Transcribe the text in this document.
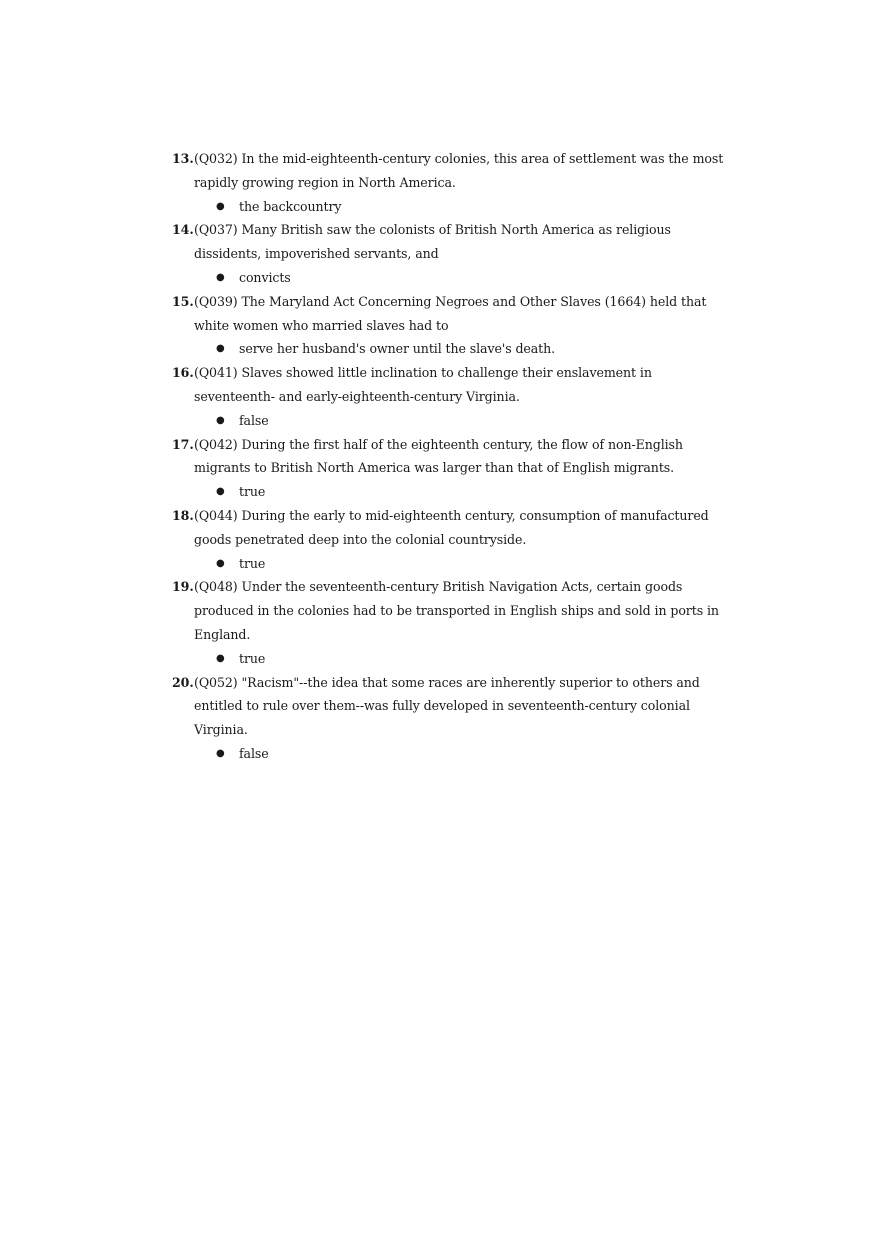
13. (Q032) In the mid-eighteenth-century colonies, this area of settlement was the most rapidly growing region in North America.
● the backcountry
14. (Q037) Many British saw the colonists of British North America as religious dissidents, impoverished servants, and
● convicts
15. (Q039) The Maryland Act Concerning Negroes and Other Slaves (1664) held that white women who married slaves had to
● serve her husband's owner until the slave's death.
16. (Q041) Slaves showed little inclination to challenge their enslavement in seventeenth- and early-eighteenth-century Virginia.
● false
17. (Q042) During the first half of the eighteenth century, the flow of non-English migrants to British North America was larger than that of English migrants.
● true
18. (Q044) During the early to mid-eighteenth century, consumption of manufactured goods penetrated deep into the colonial countryside.
● true
19. (Q048) Under the seventeenth-century British Navigation Acts, certain goods produced in the colonies had to be transported in English ships and sold in ports in England.
● true
20. (Q052) "Racism"--the idea that some races are inherently superior to others and entitled to rule over them--was fully developed in seventeenth-century colonial Virginia.
● false
